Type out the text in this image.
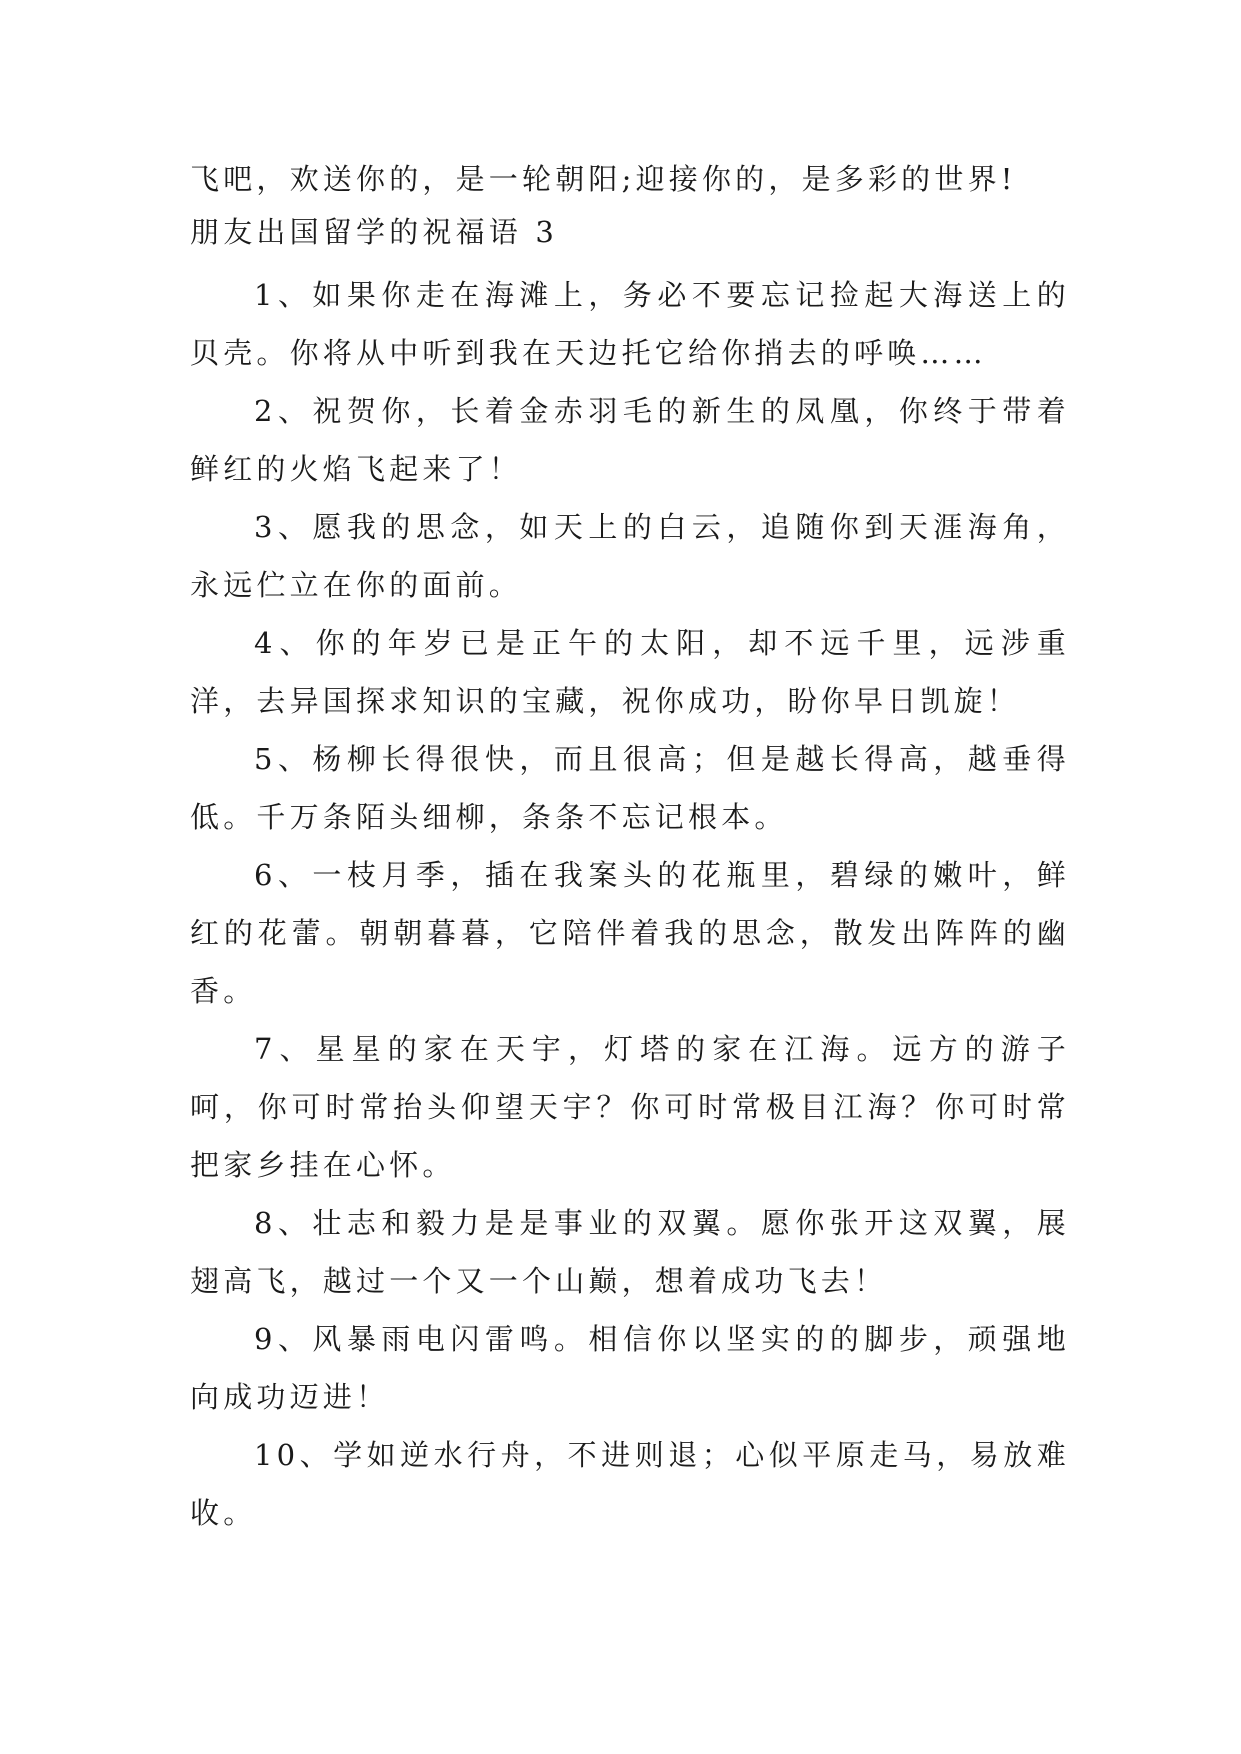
飞吧，欢送你的，是一轮朝阳;迎接你的，是多彩的世界!

朋友出国留学的祝福语 3

1、如果你走在海滩上，务必不要忘记捡起大海送上的贝壳。你将从中听到我在天边托它给你捎去的呼唤……

2、祝贺你，长着金赤羽毛的新生的凤凰，你终于带着鲜红的火焰飞起来了！

3、愿我的思念，如天上的白云，追随你到天涯海角，永远伫立在你的面前。

4、你的年岁已是正午的太阳，却不远千里，远涉重洋，去异国探求知识的宝藏，祝你成功，盼你早日凯旋！

5、杨柳长得很快，而且很高；但是越长得高，越垂得低。千万条陌头细柳，条条不忘记根本。

6、一枝月季，插在我案头的花瓶里，碧绿的嫩叶，鲜红的花蕾。朝朝暮暮，它陪伴着我的思念，散发出阵阵的幽香。

7、星星的家在天宇，灯塔的家在江海。远方的游子呵，你可时常抬头仰望天宇？你可时常极目江海？你可时常把家乡挂在心怀。

8、壮志和毅力是是事业的双翼。愿你张开这双翼，展翅高飞，越过一个又一个山巅，想着成功飞去！

9、风暴雨电闪雷鸣。相信你以坚实的的脚步，顽强地向成功迈进！

10、学如逆水行舟，不进则退；心似平原走马，易放难收。
